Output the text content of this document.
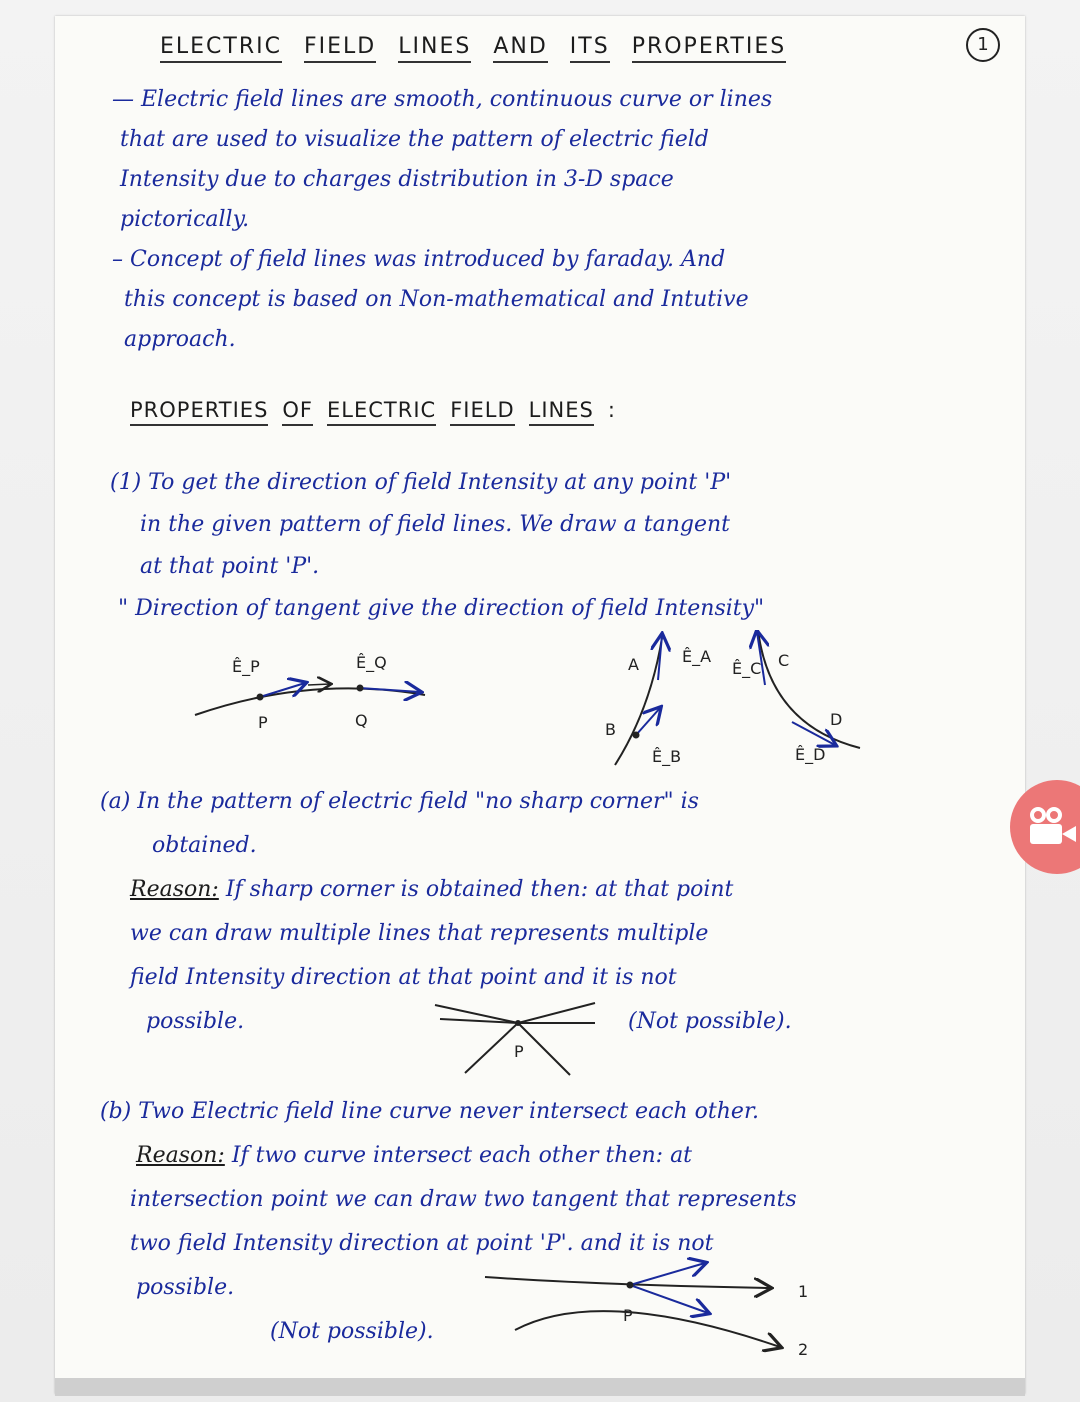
ELECTRIC FIELD LINES AND ITS PROPERTIES	1
— Electric field lines are smooth, continuous curve or lines
that are used to visualize the pattern of electric field
Intensity due to charges distribution in 3-D space
pictorically.
– Concept of field lines was introduced by faraday. And
this concept is based on Non-mathematical and Intutive
approach.
PROPERTIES OF ELECTRIC FIELD LINES :
(1) To get the direction of field Intensity at any point 'P'
in the given pattern of field lines. We draw a tangent
at that point 'P'.
" Direction of tangent give the direction of field Intensity"
Ê_P	Ê_Q
P	Q
A	Ê_A
Ê_C C
B
Ê_B
D
Ê_D
(a) In the pattern of electric field "no sharp corner" is
obtained.
Reason: If sharp corner is obtained then: at that point
we can draw multiple lines that represents multiple
field Intensity direction at that point and it is not
possible.	(Not possible).
P
(b) Two Electric field line curve never intersect each other.
Reason: If two curve intersect each other then: at
intersection point we can draw two tangent that represents
two field Intensity direction at point 'P'. and it is not
possible.
(Not possible).
P
1
2
